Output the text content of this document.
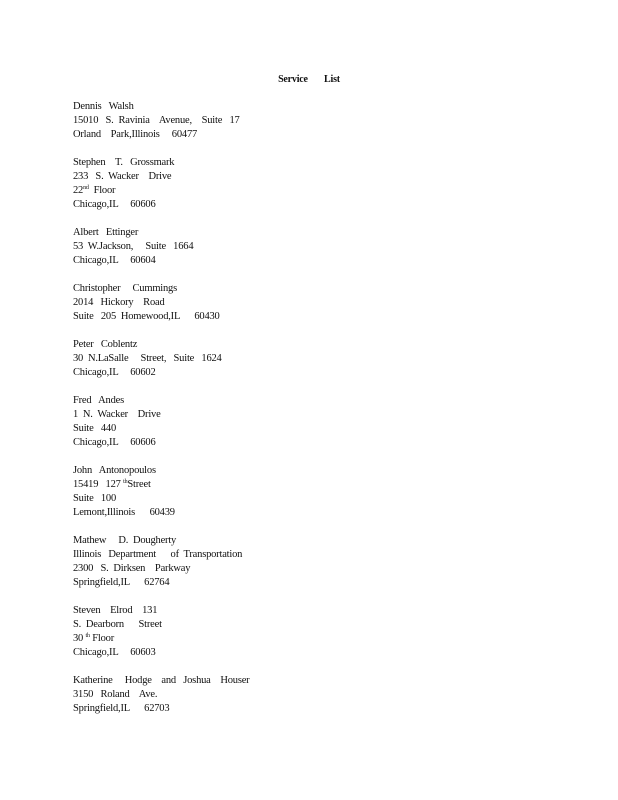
Service List
Dennis   Walsh
15010   S.  Ravinia    Avenue,    Suite   17
Orland    Park,Illinois     60477
Stephen    T.   Grossmark
233   S.  Wacker    Drive
22nd  Floor
Chicago,IL     60606
Albert   Ettinger
53  W.Jackson,     Suite   1664
Chicago,IL     60604
Christopher     Cummings
2014   Hickory    Road
Suite   205  Homewood,IL      60430
Peter   Coblentz
30  N.LaSalle     Street,   Suite   1624
Chicago,IL     60602
Fred   Andes
1  N.  Wacker    Drive
Suite   440
Chicago,IL     60606
John   Antonopoulos
15419   127 $^{th}$Street
Suite   100
Lemont,Illinois      60439
Mathew     D.  Dougherty
Illinois   Department      of  Transportation
2300   S.  Dirksen    Parkway
Springfield,IL      62764
Steven    Elrod    131
S.  Dearborn      Street
30 $^{th}$ Floor
Chicago,IL     60603
Katherine     Hodge    and   Joshua    Houser
3150   Roland    Ave.
Springfield,IL      62703
